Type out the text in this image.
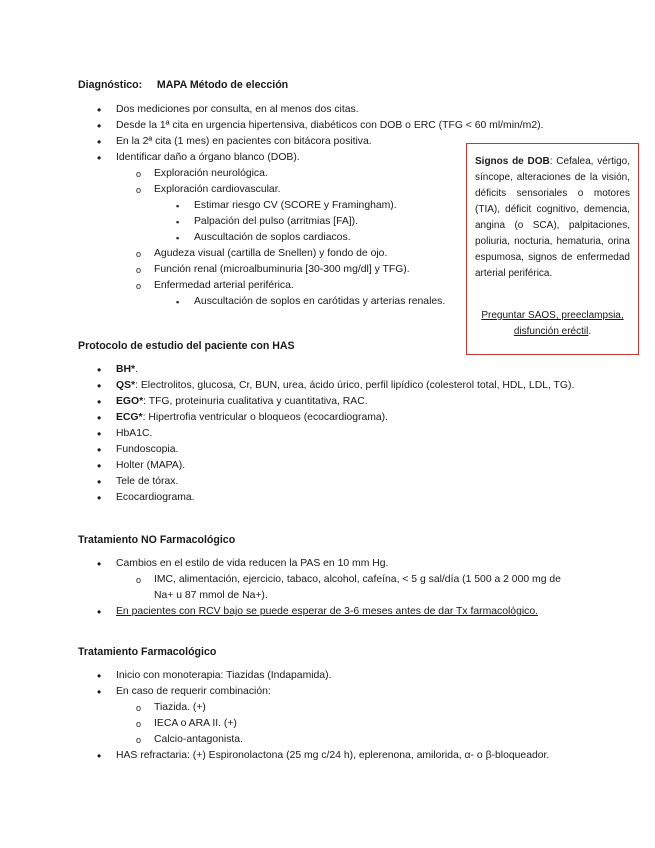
Diagnóstico: MAPA Método de elección
• Dos mediciones por consulta, en al menos dos citas.
• Desde la 1ª cita en urgencia hipertensiva, diabéticos con DOB o ERC (TFG < 60 ml/min/m2).
• En la 2ª cita (1 mes) en pacientes con bitácora positiva.
• Identificar daño a órgano blanco (DOB).
o Exploración neurológica.
o Exploración cardiovascular.
▪ Estimar riesgo CV (SCORE y Framingham).
▪ Palpación del pulso (arritmias [FA]).
▪ Auscultación de soplos cardiacos.
o Agudeza visual (cartilla de Snellen) y fondo de ojo.
o Función renal (microalbuminuria [30-300 mg/dl] y TFG).
o Enfermedad arterial periférica.
▪ Auscultación de soplos en carótidas y arterias renales.
Signos de DOB: Cefalea, vértigo, síncope, alteraciones de la visión, déficits sensoriales o motores (TIA), déficit cognitivo, demencia, angina (o SCA), palpitaciones, poliuria, nocturia, hematuria, orina espumosa, signos de enfermedad arterial periférica.
Preguntar SAOS, preeclampsia,
disfunción eréctil.
Protocolo de estudio del paciente con HAS
• BH*.
• QS*: Electrolitos, glucosa, Cr, BUN, urea, ácido úrico, perfil lipídico (colesterol total, HDL, LDL, TG).
• EGO*: TFG, proteinuria cualitativa y cuantitativa, RAC.
• ECG*: Hipertrofia ventricular o bloqueos (ecocardiograma).
• HbA1C.
• Fundoscopia.
• Holter (MAPA).
• Tele de tórax.
• Ecocardiograma.
Tratamiento NO Farmacológico
• Cambios en el estilo de vida reducen la PAS en 10 mm Hg.
o IMC, alimentación, ejercicio, tabaco, alcohol, cafeína, < 5 g sal/día (1 500 a 2 000 mg de
Na+ u 87 mmol de Na+).
• En pacientes con RCV bajo se puede esperar de 3-6 meses antes de dar Tx farmacológico.
Tratamiento Farmacológico
• Inicio con monoterapia: Tiazidas (Indapamida).
• En caso de requerir combinación:
o Tiazida. (+)
o IECA o ARA II. (+)
o Calcio-antagonista.
• HAS refractaria: (+) Espironolactona (25 mg c/24 h), eplerenona, amilorida, α- o β-bloqueador.
